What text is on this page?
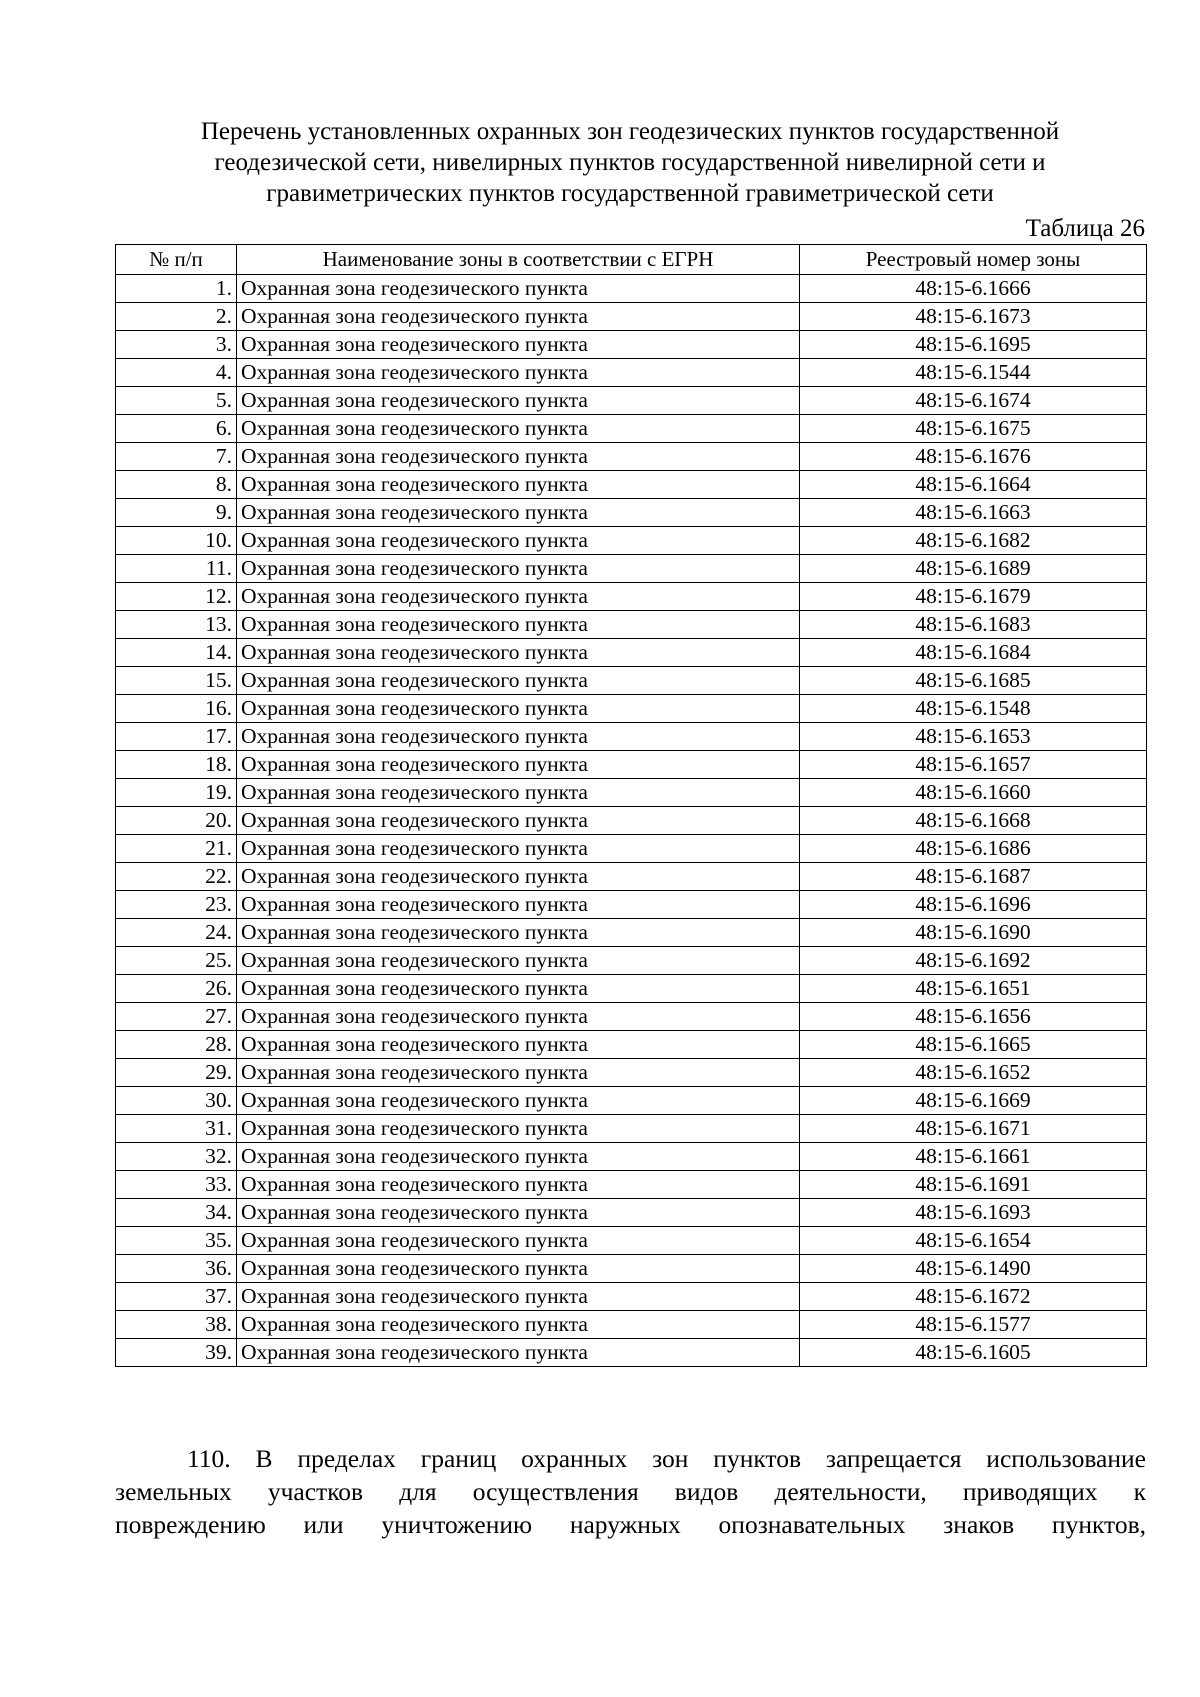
Перечень установленных охранных зон геодезических пунктов государственной
геодезической сети, нивелирных пунктов государственной нивелирной сети и
гравиметрических пунктов государственной гравиметрической сети
Таблица 26
№ п/п	Наименование зоны в соответствии с ЕГРН	Реестровый номер зоны
1.	Охранная зона геодезического пункта	48:15-6.1666
2.	Охранная зона геодезического пункта	48:15-6.1673
3.	Охранная зона геодезического пункта	48:15-6.1695
4.	Охранная зона геодезического пункта	48:15-6.1544
5.	Охранная зона геодезического пункта	48:15-6.1674
6.	Охранная зона геодезического пункта	48:15-6.1675
7.	Охранная зона геодезического пункта	48:15-6.1676
8.	Охранная зона геодезического пункта	48:15-6.1664
9.	Охранная зона геодезического пункта	48:15-6.1663
10.	Охранная зона геодезического пункта	48:15-6.1682
11.	Охранная зона геодезического пункта	48:15-6.1689
12.	Охранная зона геодезического пункта	48:15-6.1679
13.	Охранная зона геодезического пункта	48:15-6.1683
14.	Охранная зона геодезического пункта	48:15-6.1684
15.	Охранная зона геодезического пункта	48:15-6.1685
16.	Охранная зона геодезического пункта	48:15-6.1548
17.	Охранная зона геодезического пункта	48:15-6.1653
18.	Охранная зона геодезического пункта	48:15-6.1657
19.	Охранная зона геодезического пункта	48:15-6.1660
20.	Охранная зона геодезического пункта	48:15-6.1668
21.	Охранная зона геодезического пункта	48:15-6.1686
22.	Охранная зона геодезического пункта	48:15-6.1687
23.	Охранная зона геодезического пункта	48:15-6.1696
24.	Охранная зона геодезического пункта	48:15-6.1690
25.	Охранная зона геодезического пункта	48:15-6.1692
26.	Охранная зона геодезического пункта	48:15-6.1651
27.	Охранная зона геодезического пункта	48:15-6.1656
28.	Охранная зона геодезического пункта	48:15-6.1665
29.	Охранная зона геодезического пункта	48:15-6.1652
30.	Охранная зона геодезического пункта	48:15-6.1669
31.	Охранная зона геодезического пункта	48:15-6.1671
32.	Охранная зона геодезического пункта	48:15-6.1661
33.	Охранная зона геодезического пункта	48:15-6.1691
34.	Охранная зона геодезического пункта	48:15-6.1693
35.	Охранная зона геодезического пункта	48:15-6.1654
36.	Охранная зона геодезического пункта	48:15-6.1490
37.	Охранная зона геодезического пункта	48:15-6.1672
38.	Охранная зона геодезического пункта	48:15-6.1577
39.	Охранная зона геодезического пункта	48:15-6.1605
110. В пределах границ охранных зон пунктов запрещается использование
земельных участков для осуществления видов деятельности, приводящих к
повреждению или уничтожению наружных опознавательных знаков пунктов,
